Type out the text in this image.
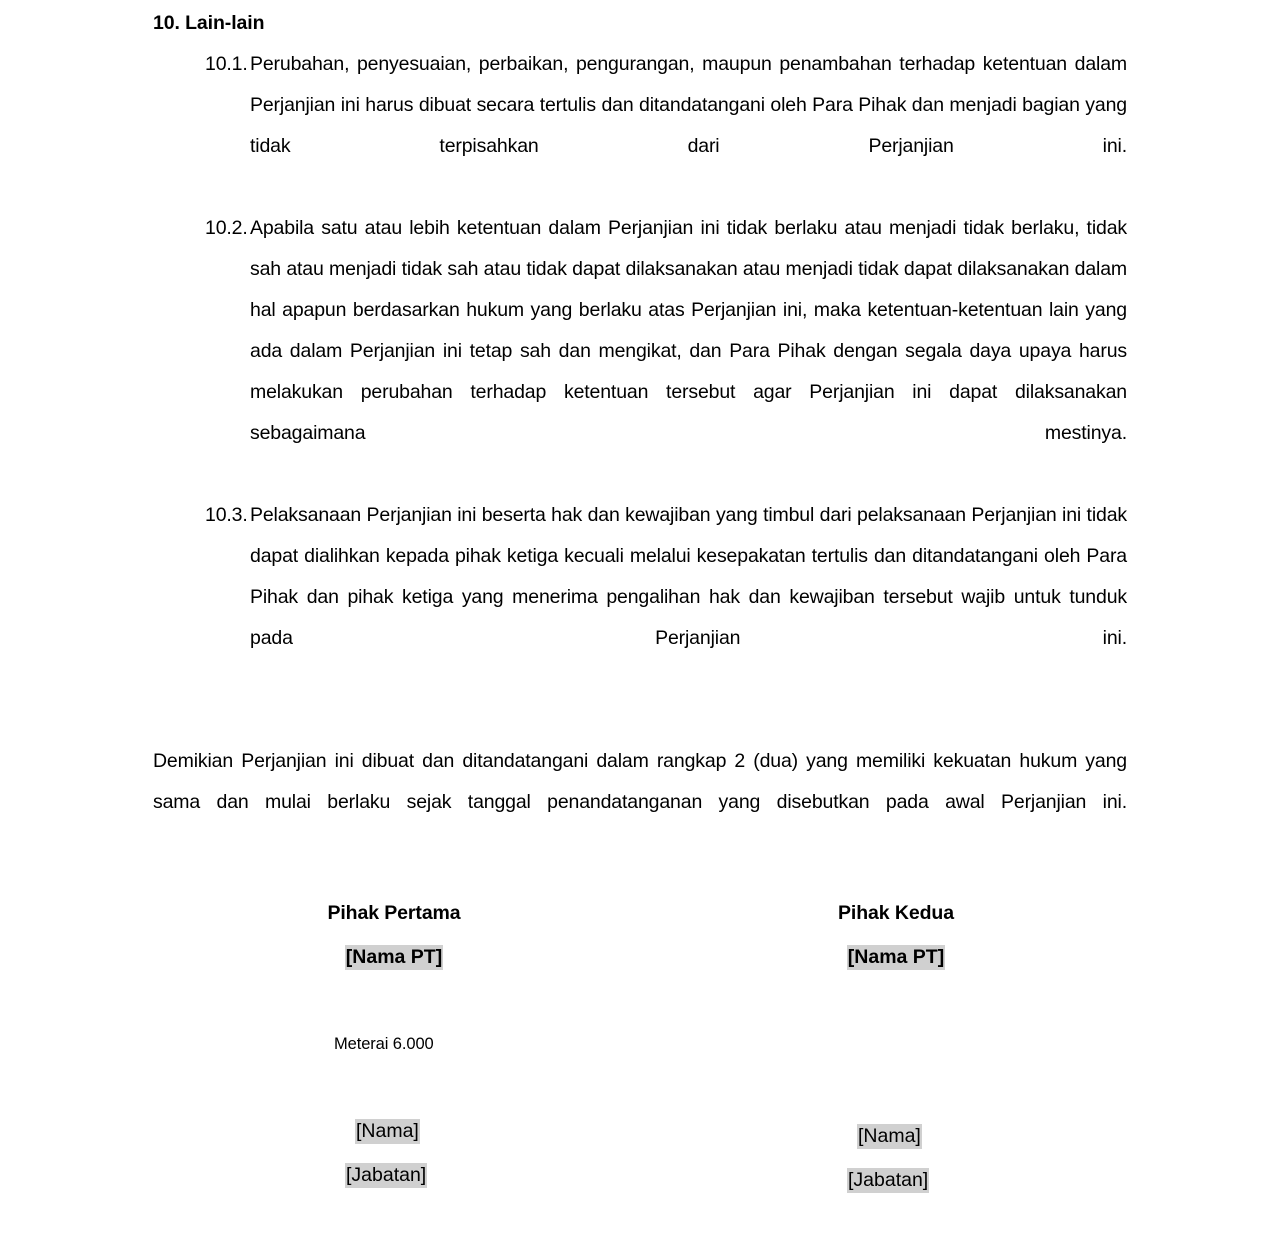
10. Lain-lain
10.1. Perubahan, penyesuaian, perbaikan, pengurangan, maupun penambahan terhadap ketentuan dalam Perjanjian ini harus dibuat secara tertulis dan ditandatangani oleh Para Pihak dan menjadi bagian yang tidak terpisahkan dari Perjanjian ini.
10.2. Apabila satu atau lebih ketentuan dalam Perjanjian ini tidak berlaku atau menjadi tidak berlaku, tidak sah atau menjadi tidak sah atau tidak dapat dilaksanakan atau menjadi tidak dapat dilaksanakan dalam hal apapun berdasarkan hukum yang berlaku atas Perjanjian ini, maka ketentuan-ketentuan lain yang ada dalam Perjanjian ini tetap sah dan mengikat, dan Para Pihak dengan segala daya upaya harus melakukan perubahan terhadap ketentuan tersebut agar Perjanjian ini dapat dilaksanakan sebagaimana mestinya.
10.3. Pelaksanaan Perjanjian ini beserta hak dan kewajiban yang timbul dari pelaksanaan Perjanjian ini tidak dapat dialihkan kepada pihak ketiga kecuali melalui kesepakatan tertulis dan ditandatangani oleh Para Pihak dan pihak ketiga yang menerima pengalihan hak dan kewajiban tersebut wajib untuk tunduk pada Perjanjian ini.

Demikian Perjanjian ini dibuat dan ditandatangani dalam rangkap 2 (dua) yang memiliki kekuatan hukum yang sama dan mulai berlaku sejak tanggal penandatanganan yang disebutkan pada awal Perjanjian ini.

Pihak Pertama
[Nama PT]
Pihak Kedua
[Nama PT]
Meterai 6.000
[Nama]
[Jabatan]
[Nama]
[Jabatan]
